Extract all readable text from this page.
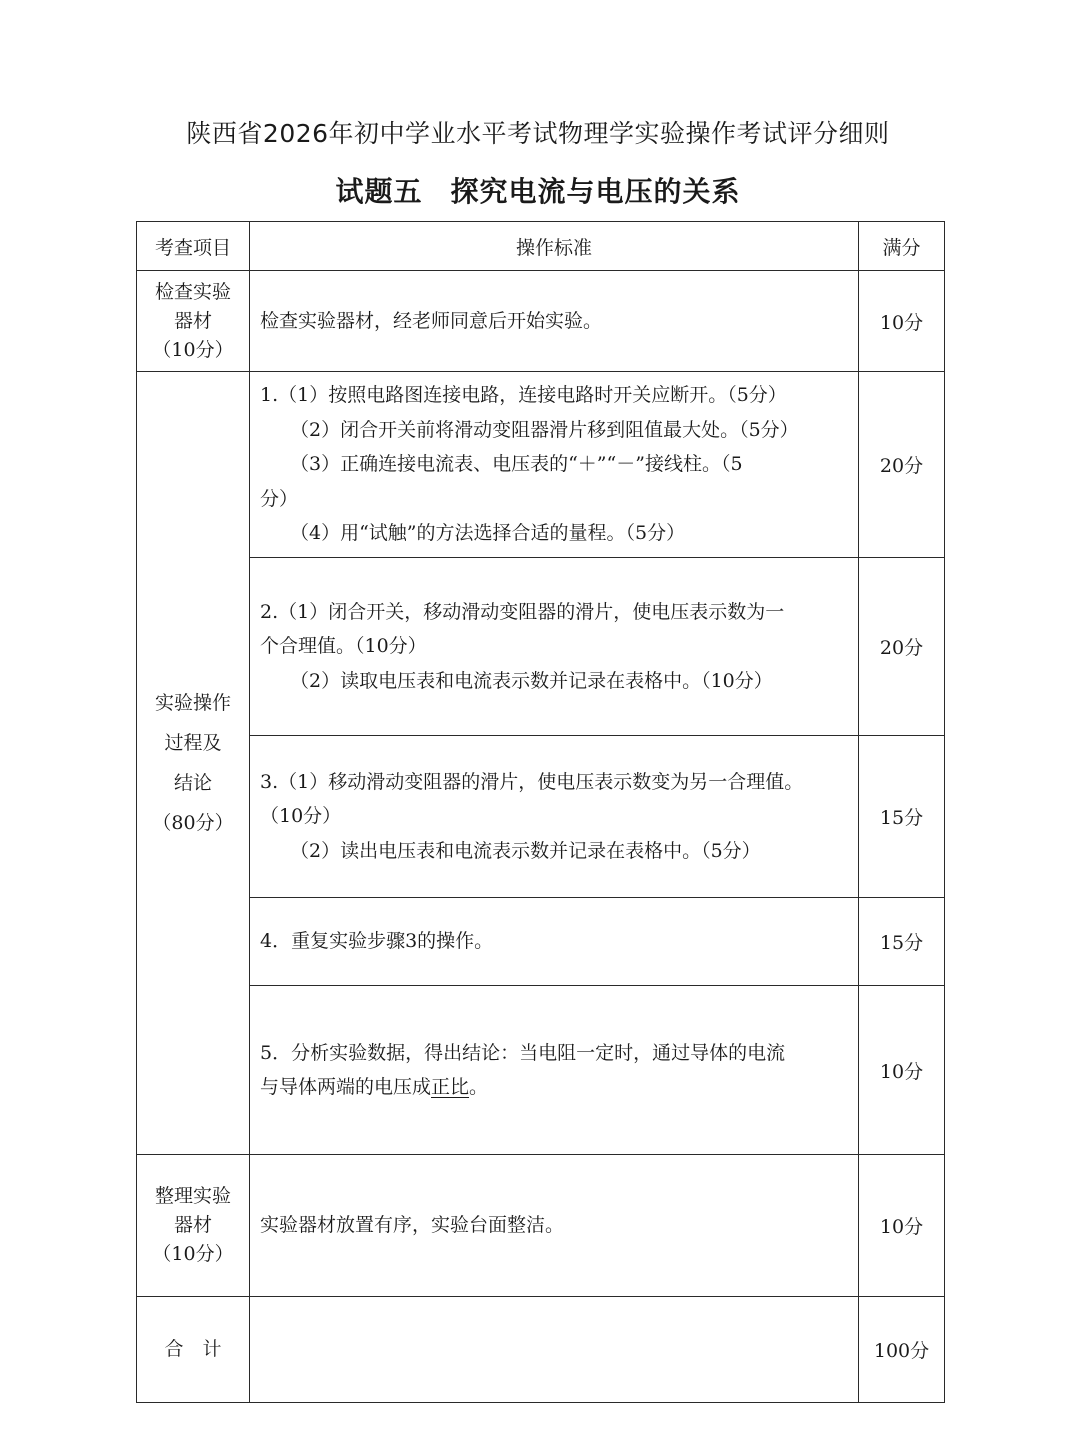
陕西省2026年初中学业水平考试物理学实验操作考试评分细则
试题五 探究电流与电压的关系
考查项目	操作标准	满分

检查实验
器材
（10分）	检查实验器材，经老师同意后开始实验。	10分

实验操作
过程及
结论
（80分）	1.（1）按照电路图连接电路，连接电路时开关应断开。（5分）
（2）闭合开关前将滑动变阻器滑片移到阻值最大处。（5分）
（3）正确连接电流表、电压表的“＋”“－”接线柱。（5
分）
（4）用“试触”的方法选择合适的量程。（5分）	20分

	2.（1）闭合开关，移动滑动变阻器的滑片，使电压表示数为一
个合理值。（10分）
（2）读取电压表和电流表示数并记录在表格中。（10分）	20分

	3.（1）移动滑动变阻器的滑片，使电压表示数变为另一合理值。
（10分）
（2）读出电压表和电流表示数并记录在表格中。（5分）	15分
	4．重复实验步骤3的操作。	15分

	5．分析实验数据，得出结论：当电阻一定时，通过导体的电流
与导体两端的电压成正比。	10分

整理实验
器材
（10分）	实验器材放置有序，实验台面整洁。	10分
合　计		100分
